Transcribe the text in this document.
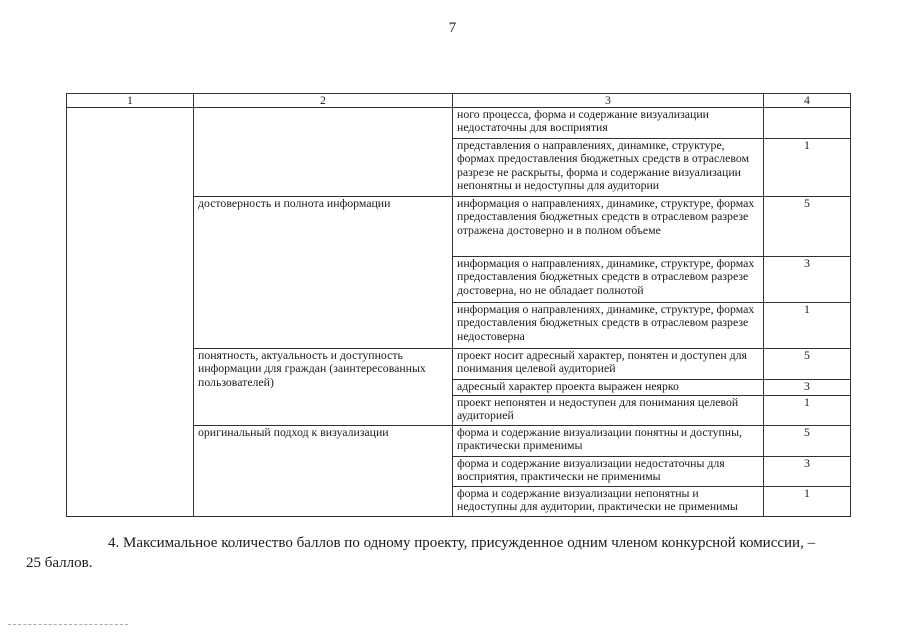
7
1	2	3	4
		ного процесса, форма и содержание визуализации недостаточны для восприятия	
		представления о направлениях, динамике, структуре, формах предоставления бюджетных средств в отраслевом разрезе не раскрыты, форма и содержание визуализации непонятны и недоступны для аудитории	1
	достоверность и полнота информации	информация о направлениях, динамике, структуре, формах предоставления бюджетных средств в отраслевом разрезе отражена достоверно и в полном объеме	5
		информация о направлениях, динамике, структуре, формах предоставления бюджетных средств в отраслевом разрезе достоверна, но не обладает полнотой	3
		информация о направлениях, динамике, структуре, формах предоставления бюджетных средств в отраслевом разрезе недостоверна	1
	понятность, актуальность и доступность информации для граждан (заинтересованных пользователей)	проект носит адресный характер, понятен и доступен для понимания целевой аудиторией	5
		адресный характер проекта выражен неярко	3
		проект непонятен и недоступен для понимания целевой аудиторией	1
	оригинальный подход к визуализации	форма и содержание визуализации понятны и доступны, практически применимы	5
		форма и содержание визуализации недостаточны для восприятия, практически не применимы	3
		форма и содержание визуализации непонятны и недоступны для аудитории, практически не применимы	1
4. Максимальное количество баллов по одному проекту, присужденное одним членом конкурсной комиссии, –
25 баллов.
